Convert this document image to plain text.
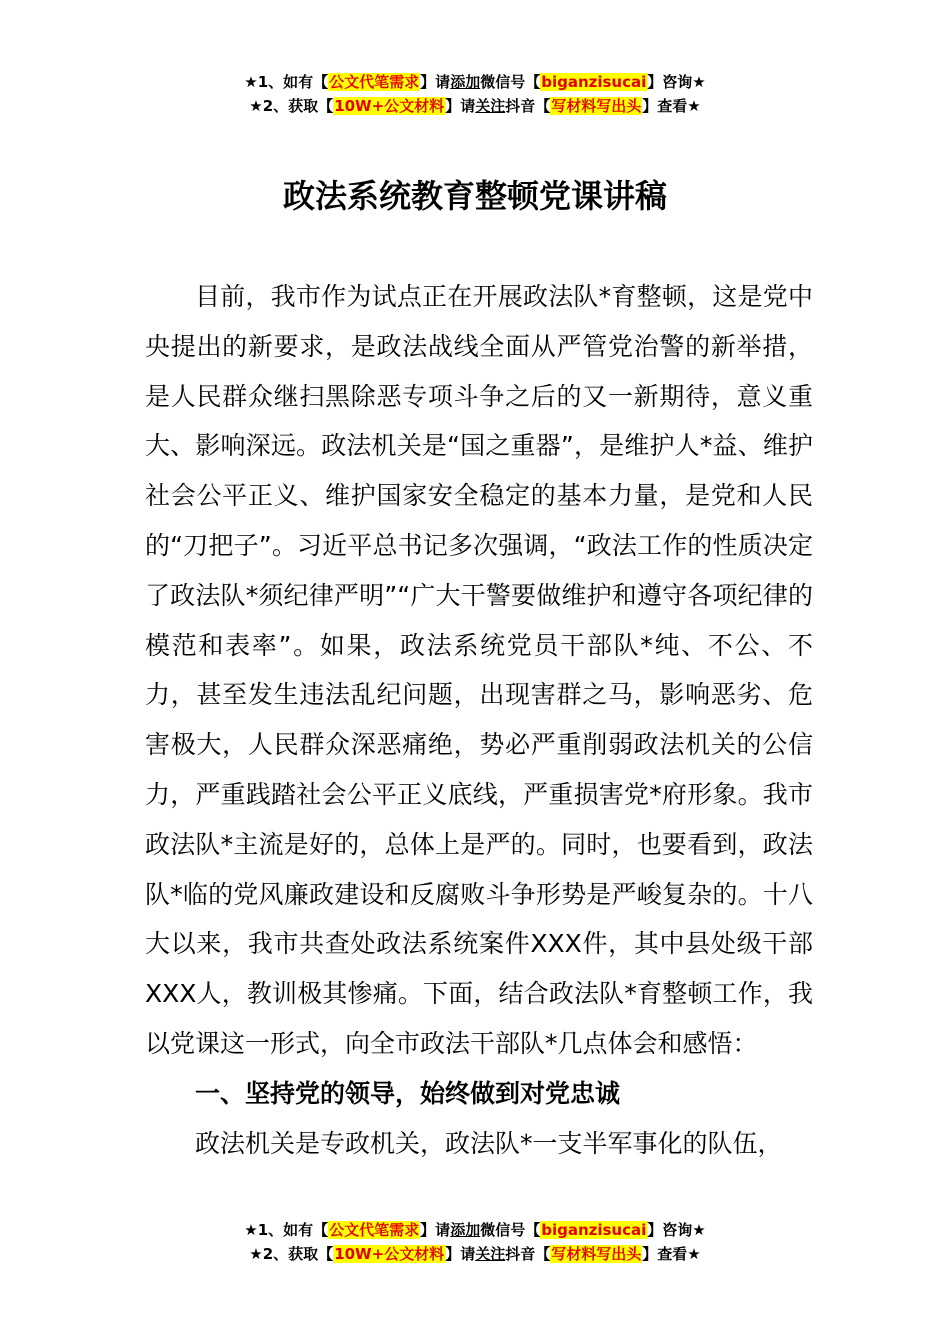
★1、如有【公文代笔需求】请添加微信号【biganzisucai】咨询★
★2、获取【10W+公文材料】请关注抖音【写材料写出头】查看★
政法系统教育整顿党课讲稿

目前，我市作为试点正在开展政法队*育整顿，这是党中央提出的新要求，是政法战线全面从严管党治警的新举措，是人民群众继扫黑除恶专项斗争之后的又一新期待，意义重大、影响深远。政法机关是“国之重器”，是维护人*益、维护社会公平正义、维护国家安全稳定的基本力量，是党和人民的“刀把子”。习近平总书记多次强调，“政法工作的性质决定了政法队*须纪律严明”“广大干警要做维护和遵守各项纪律的模范和表率”。如果，政法系统党员干部队*纯、不公、不力，甚至发生违法乱纪问题，出现害群之马，影响恶劣、危害极大，人民群众深恶痛绝，势必严重削弱政法机关的公信力，严重践踏社会公平正义底线，严重损害党*府形象。我市政法队*主流是好的，总体上是严的。同时，也要看到，政法队*临的党风廉政建设和反腐败斗争形势是严峻复杂的。十八大以来，我市共查处政法系统案件XXX件，其中县处级干部XXX人，教训极其惨痛。下面，结合政法队*育整顿工作，我以党课这一形式，向全市政法干部队*几点体会和感悟：

一、坚持党的领导，始终做到对党忠诚

政法机关是专政机关，政法队*一支半军事化的队伍，

★1、如有【公文代笔需求】请添加微信号【biganzisucai】咨询★
★2、获取【10W+公文材料】请关注抖音【写材料写出头】查看★
